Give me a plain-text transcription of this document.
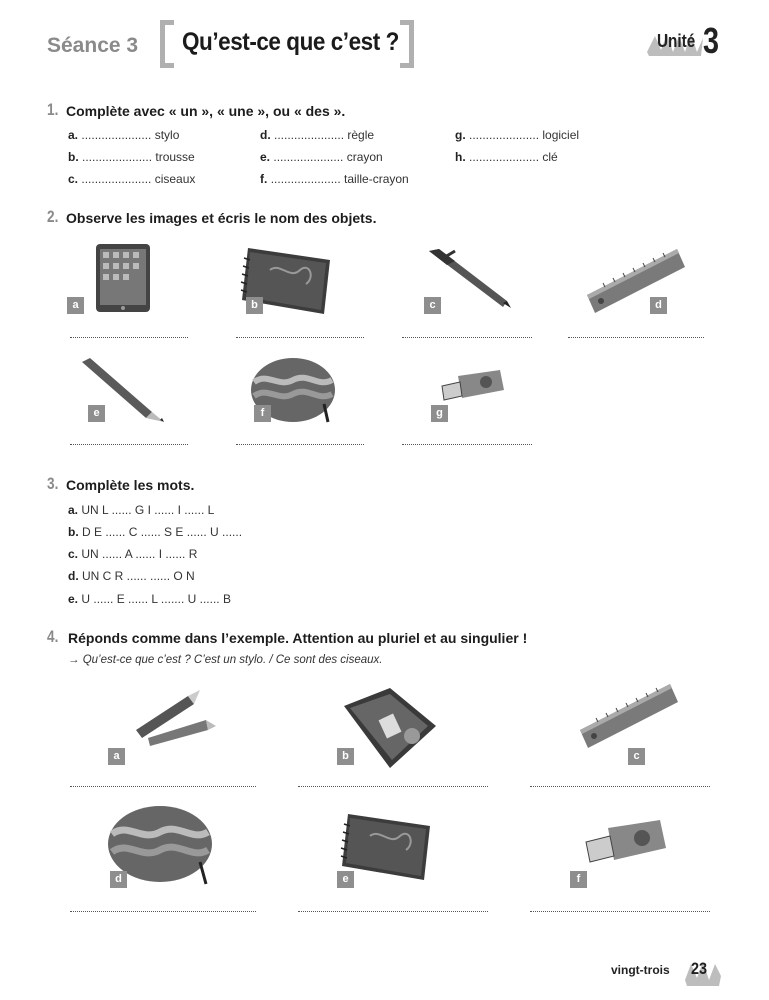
Séance 3 Qu’est-ce que c’est ?	Unité 3
1. Complète avec « un », « une », ou « des ».
a. ..................... stylo	d. ..................... règle	g. ..................... logiciel
b. ..................... trousse	e. ..................... crayon	h. ..................... clé
c. ..................... ciseaux	f. ..................... taille-crayon
2. Observe les images et écris le nom des objets.
a	b	c	d
e	f	g
3. Complète les mots.
a. UN L ...... G I ...... I ...... L
b. D E ...... C ...... S E ...... U ......
c. UN ...... A ...... I ...... R
d. UN C R ...... ...... O N
e. U ...... E ...... L ....... U ...... B
4. Réponds comme dans l’exemple. Attention au pluriel et au singulier !
→ Qu’est-ce que c’est ? C’est un stylo. / Ce sont des ciseaux.
a	b	c
d	e	f
vingt-trois 23
